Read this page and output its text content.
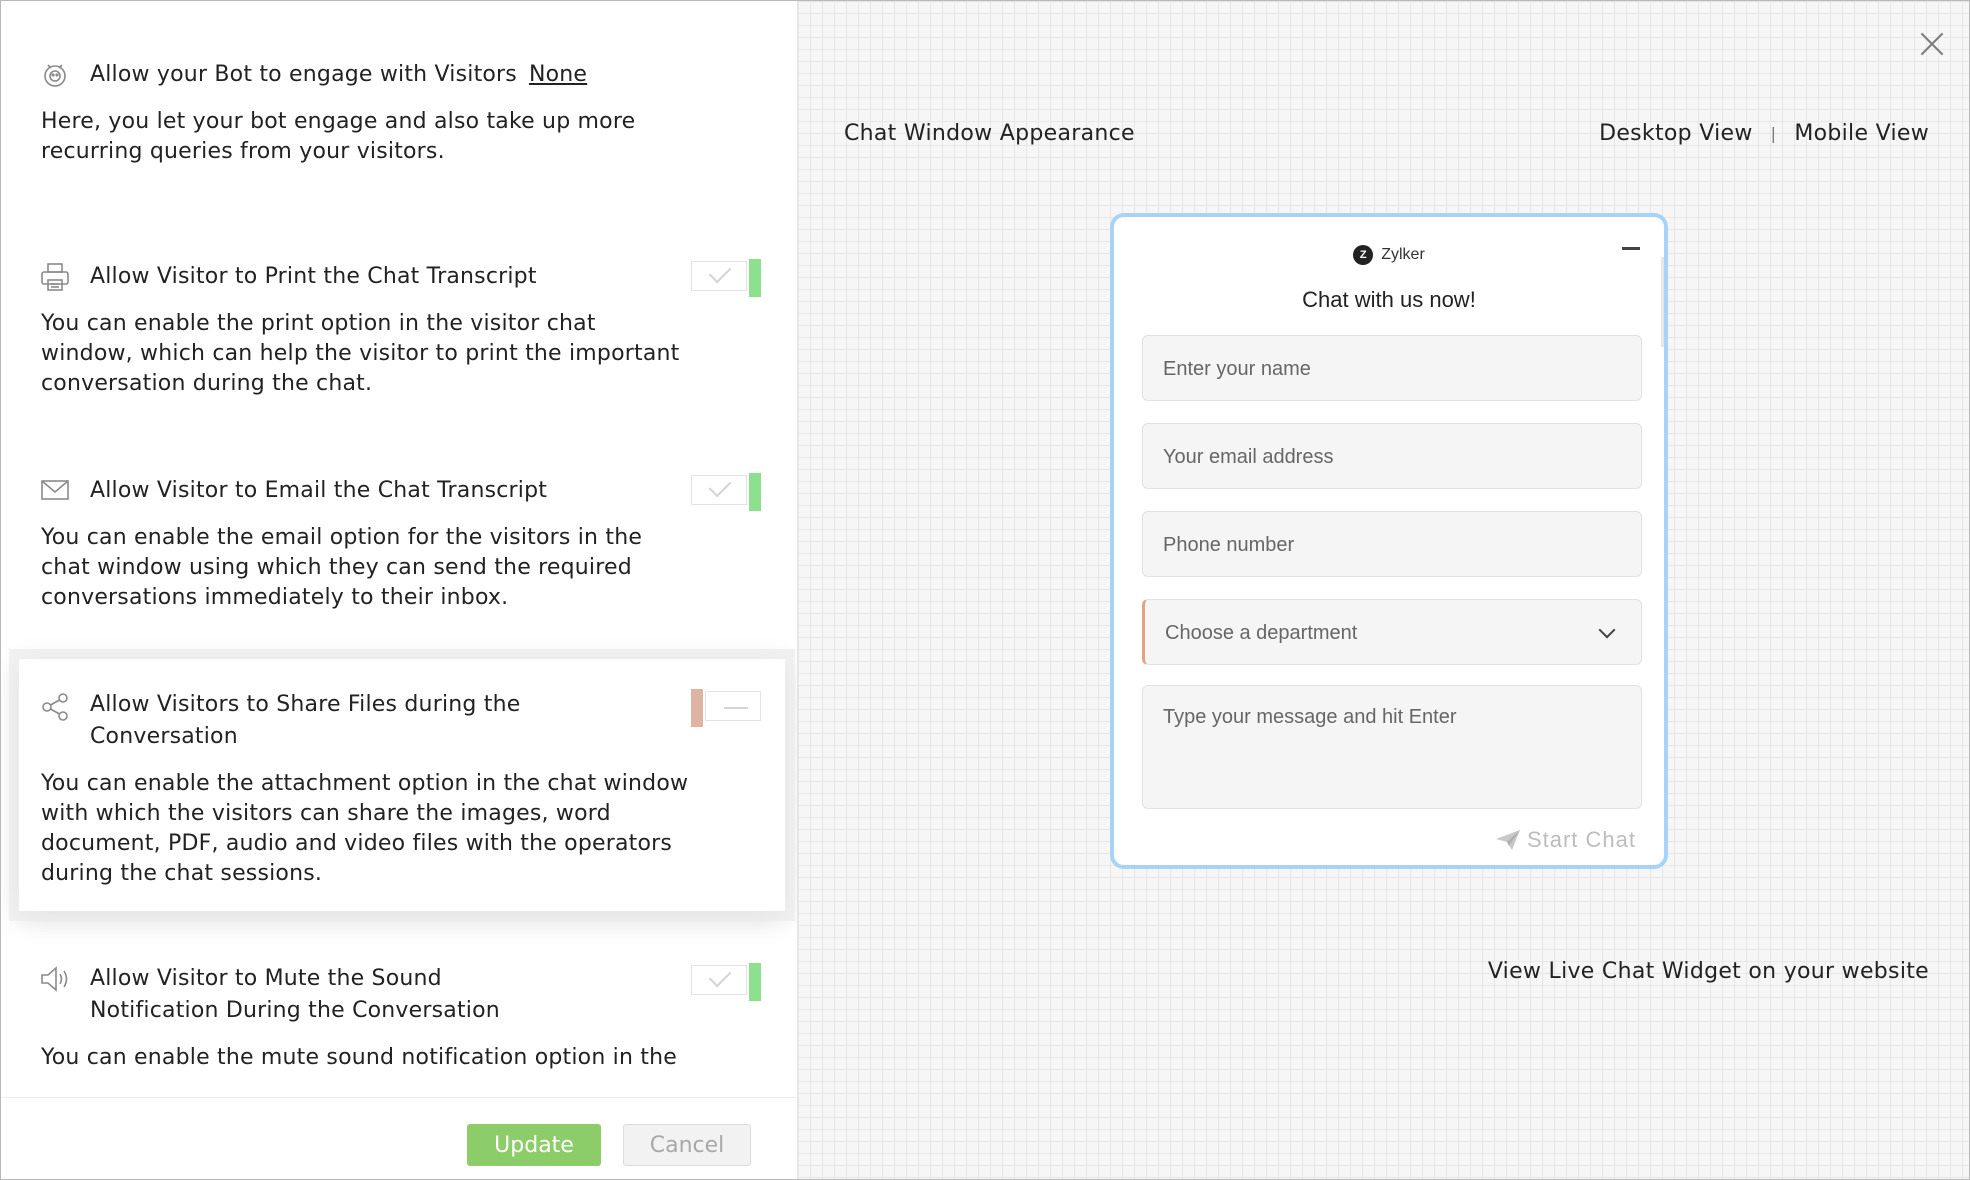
Allow your Bot to engage with Visitors None
Here, you let your bot engage and also take up more recurring queries from your visitors.
Allow Visitor to Print the Chat Transcript
You can enable the print option in the visitor chat window, which can help the visitor to print the important conversation during the chat.
Allow Visitor to Email the Chat Transcript
You can enable the email option for the visitors in the chat window using which they can send the required conversations immediately to their inbox.
Allow Visitors to Share Files during the Conversation
You can enable the attachment option in the chat window with which the visitors can share the images, word document, PDF, audio and video files with the operators during the chat sessions.
Allow Visitor to Mute the Sound Notification During the Conversation
You can enable the mute sound notification option in the
Update	Cancel
Chat Window Appearance	Desktop View | Mobile View
Z Zylker
Chat with us now!
Enter your name
Your email address
Phone number
Choose a department
Type your message and hit Enter
Start Chat
View Live Chat Widget on your website
